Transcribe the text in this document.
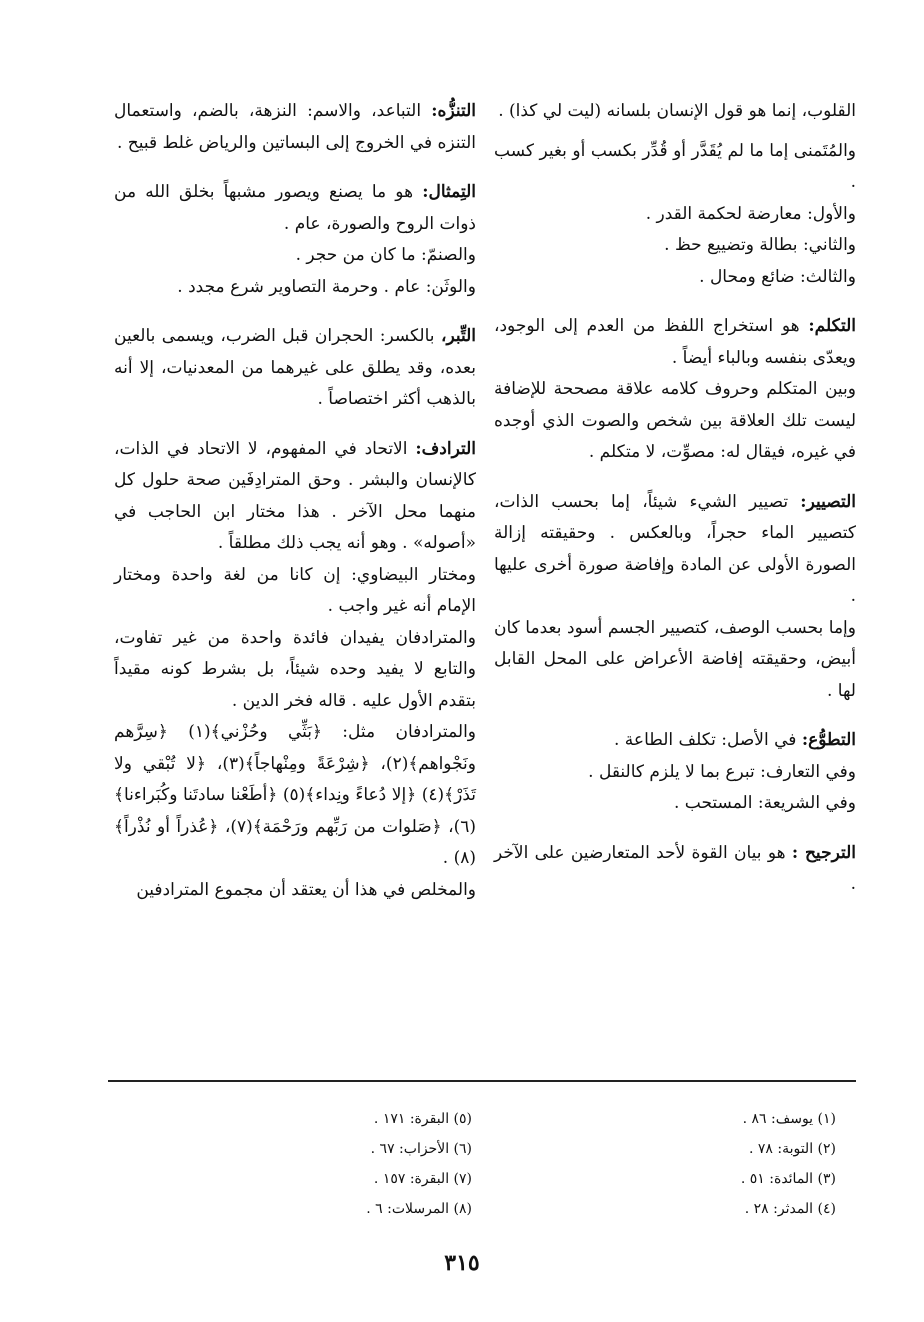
القلوب، إنما هو قول الإنسان بلسانه (ليت لي كذا) .

والمُتَمنى إما ما لم يُقَدَّر أو قُدِّر بكسب أو بغير كسب .

والأول: معارضة لحكمة القدر .

والثاني: بطالة وتضييع حظ .

والثالث: ضائع ومحال .

التكلم: هو استخراج اللفظ من العدم إلى الوجود، ويعدّى بنفسه وبالباء أيضاً .

وبين المتكلم وحروف كلامه علاقة مصححة للإضافة ليست تلك العلاقة بين شخص والصوت الذي أوجده في غيره، فيقال له: مصوِّت، لا متكلم .

التصيير: تصيير الشيء شيئاً، إما بحسب الذات، كتصيير الماء حجراً، وبالعكس . وحقيقته إزالة الصورة الأولى عن المادة وإفاضة صورة أخرى عليها .

وإما بحسب الوصف، كتصيير الجسم أسود بعدما كان أبيض، وحقيقته إفاضة الأعراض على المحل القابل لها .

التطوُّع: في الأصل: تكلف الطاعة .

وفي التعارف: تبرع بما لا يلزم كالنقل .

وفي الشريعة: المستحب .

الترجيح : هو بيان القوة لأحد المتعارضين على الآخر .

التنزُّه: التباعد، والاسم: النزهة، بالضم، واستعمال التنزه في الخروج إلى البساتين والرياض غلط قبيح .

التِمثال: هو ما يصنع ويصور مشبهاً بخلق الله من ذوات الروح والصورة، عام .

والصنمّ: ما كان من حجر .

والوثَن: عام . وحرمة التصاوير شرع مجدد .

التِّبر، بالكسر: الحجران قبل الضرب، ويسمى بالعين بعده، وقد يطلق على غيرهما من المعدنيات، إلا أنه بالذهب أكثر اختصاصاً .

الترادف: الاتحاد في المفهوم، لا الاتحاد في الذات، كالإنسان والبشر . وحق المترادِفَين صحة حلول كل منهما محل الآخر . هذا مختار ابن الحاجب في «أصوله» . وهو أنه يجب ذلك مطلقاً .

ومختار البيضاوي: إن كانا من لغة واحدة ومختار الإمام أنه غير واجب .

والمترادفان يفيدان فائدة واحدة من غير تفاوت، والتابع لا يفيد وحده شيئاً، بل بشرط كونه مقيداً بتقدم الأول عليه . قاله فخر الدين .

والمترادفان مثل: ﴿بَثِّي وحُزْني﴾(١) ﴿سِرَّهم ونَجْواهم﴾(٢)، ﴿شِرْعَةً ومِنْهاجاً﴾(٣)، ﴿لا تُبْقي ولا تَذَرْ﴾(٤) ﴿إلا دُعاءً ونِداء﴾(٥) ﴿أطَعْنا سادتَنا وكُبَراءنا﴾(٦)، ﴿صَلوات من رَبِّهم ورَحْمَة﴾(٧)، ﴿عُذراً أو نُذْراً﴾(٨) .

والمخلص في هذا أن يعتقد أن مجموع المترادفين

(١) يوسف: ٨٦ .

(٢) التوبة: ٧٨ .

(٣) المائدة: ٥١ .

(٤) المدثر: ٢٨ .

(٥) البقرة: ١٧١ .

(٦) الأحزاب: ٦٧ .

(٧) البقرة: ١٥٧ .

(٨) المرسلات: ٦ .

٣١٥
